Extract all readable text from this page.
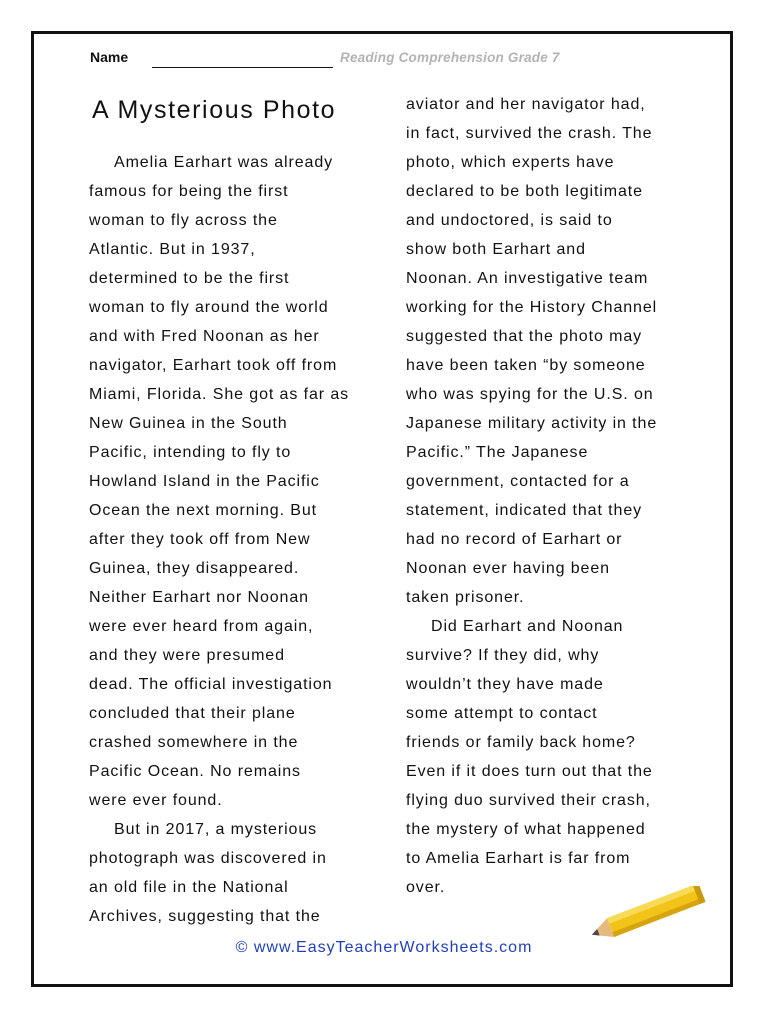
Name	Reading Comprehension Grade 7

A Mysterious Photo

Amelia Earhart was already
famous for being the first
woman to fly across the
Atlantic. But in 1937,
determined to be the first
woman to fly around the world
and with Fred Noonan as her
navigator, Earhart took off from
Miami, Florida. She got as far as
New Guinea in the South
Pacific, intending to fly to
Howland Island in the Pacific
Ocean the next morning. But
after they took off from New
Guinea, they disappeared.
Neither Earhart nor Noonan
were ever heard from again,
and they were presumed
dead. The official investigation
concluded that their plane
crashed somewhere in the
Pacific Ocean. No remains
were ever found.

But in 2017, a mysterious
photograph was discovered in
an old file in the National
Archives, suggesting that the

aviator and her navigator had,
in fact, survived the crash. The
photo, which experts have
declared to be both legitimate
and undoctored, is said to
show both Earhart and
Noonan. An investigative team
working for the History Channel
suggested that the photo may
have been taken “by someone
who was spying for the U.S. on
Japanese military activity in the
Pacific.” The Japanese
government, contacted for a
statement, indicated that they
had no record of Earhart or
Noonan ever having been
taken prisoner.

Did Earhart and Noonan
survive? If they did, why
wouldn’t they have made
some attempt to contact
friends or family back home?
Even if it does turn out that the
flying duo survived their crash,
the mystery of what happened
to Amelia Earhart is far from
over.

© www.EasyTeacherWorksheets.com
